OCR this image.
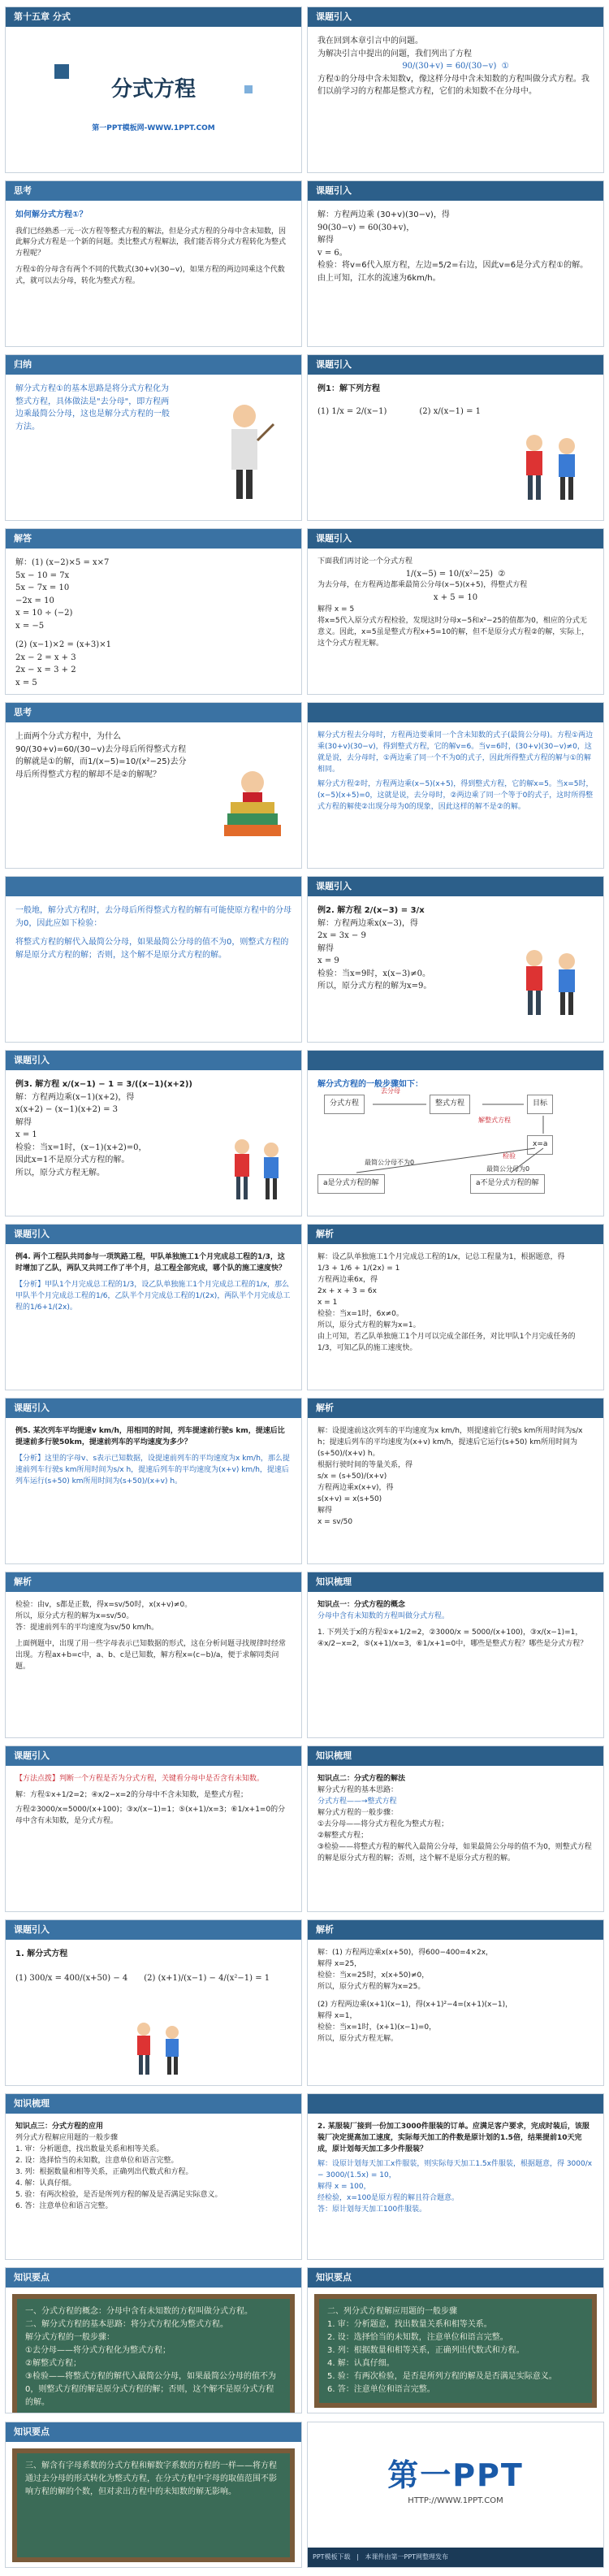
第十五章 分式
分式方程
第一PPT模板网-WWW.1PPT.COM
课题引入
我在回到本章引言中的问题。
为解决引言中提出的问题，我们列出了方程
90/(30+v) = 60/(30−v)  ①
方程①的分母中含未知数v，像这样分母中含未知数的方程叫做分式方程。我们以前学习的方程都是整式方程，它们的未知数不在分母中。
思考
如何解分式方程①？
我们已经熟悉一元一次方程等整式方程的解法，但是分式方程的分母中含未知数，因此解分式方程是一个新的问题。类比整式方程解法，我们能否将分式方程转化为整式方程呢？
方程①的分母含有两个不同的代数式(30+v)(30−v)，如果方程的两边同乘这个代数式，就可以去分母，转化为整式方程。
课题引入
解：方程两边乘 (30+v)(30−v)，得
90(30−v) = 60(30+v)，
解得
v = 6。
检验：将v=6代入原方程，左边=5/2=右边，因此v=6是分式方程①的解。
由上可知，江水的流速为6km/h。
归纳
解分式方程①的基本思路是将分式方程化为整式方程，具体做法是"去分母"，即方程两边乘最简公分母，这也是解分式方程的一般方法。
课题引入
例1：解下列方程
(1) 1/x = 2/(x−1)	(2) x/(x−1) = 1
解答
解：(1) (x−2)×5 = x×7
5x − 10 = 7x
5x − 7x = 10
−2x = 10
x = 10 ÷ (−2)
x = −5
(2) (x−1)×2 = (x+3)×1
2x − 2 = x + 3
2x − x = 3 + 2
x = 5
课题引入
下面我们再讨论一个分式方程
1/(x−5) = 10/(x²−25)  ②
为去分母，在方程两边都乘最简公分母(x−5)(x+5)，得整式方程
x + 5 = 10
解得 x = 5
将x=5代入原分式方程检验，发现这时分母x−5和x²−25的值都为0，相应的分式无意义。因此，x=5虽是整式方程x+5=10的解，但不是原分式方程②的解，实际上，这个分式方程无解。
思考
上面两个分式方程中，为什么90/(30+v)=60/(30−v)去分母后所得整式方程的解就是①的解，而1/(x−5)=10/(x²−25)去分母后所得整式方程的解却不是②的解呢？
解分式方程去分母时，方程两边要乘同一个含未知数的式子(最简公分母)。方程①两边乘(30+v)(30−v)，得到整式方程，它的解v=6。当v=6时，(30+v)(30−v)≠0，这就是说，去分母时，①两边乘了同一个不为0的式子，因此所得整式方程的解与①的解相同。
解分式方程②时，方程两边乘(x−5)(x+5)，得到整式方程，它的解x=5。当x=5时，(x−5)(x+5)=0，这就是说，去分母时，②两边乘了同一个等于0的式子，这时所得整式方程的解使②出现分母为0的现象，因此这样的解不是②的解。
一般地，解分式方程时，去分母后所得整式方程的解有可能使原方程中的分母为0，因此应如下检验：
将整式方程的解代入最简公分母，如果最简公分母的值不为0，则整式方程的解是原分式方程的解；否则，这个解不是原分式方程的解。
课题引入
例2. 解方程 2/(x−3) = 3/x
解：方程两边乘x(x−3)，得
2x = 3x − 9
解得
x = 9
检验：当x=9时，x(x−3)≠0。
所以，原分式方程的解为x=9。
课题引入
例3. 解方程 x/(x−1) − 1 = 3/((x−1)(x+2))
解：方程两边乘(x−1)(x+2)，得
x(x+2) − (x−1)(x+2) = 3
解得
x = 1
检验：当x=1时，(x−1)(x+2)=0，
因此x=1不是原分式方程的解。
所以，原分式方程无解。
解分式方程的一般步骤如下：
分式方程	整式方程	目标
x=a
a是分式方程的解	a不是分式方程的解
去分母
解整式方程
检验
最简公分母不为0
最简公分母为0
课题引入
例4. 两个工程队共同参与一项筑路工程，甲队单独施工1个月完成总工程的1/3，这时增加了乙队，两队又共同工作了半个月，总工程全部完成，哪个队的施工速度快？
【分析】甲队1个月完成总工程的1/3，设乙队单独施工1个月完成总工程的1/x，那么甲队半个月完成总工程的1/6，乙队半个月完成总工程的1/(2x)，两队半个月完成总工程的1/6+1/(2x)。
解析
解：设乙队单独施工1个月完成总工程的1/x，记总工程量为1，根据题意，得
1/3 + 1/6 + 1/(2x) = 1
方程两边乘6x，得
2x + x + 3 = 6x
x = 1
检验：当x=1时，6x≠0。
所以，原分式方程的解为x=1。
由上可知，若乙队单独施工1个月可以完成全部任务，对比甲队1个月完成任务的1/3，可知乙队的施工速度快。
课题引入
例5. 某次列车平均提速v km/h，用相同的时间，列车提速前行驶s km，提速后比提速前多行驶50km，提速前列车的平均速度为多少？
【分析】这里的字母v、s表示已知数据，设提速前列车的平均速度为x km/h，那么提速前列车行驶s km所用时间为s/x h，提速后列车的平均速度为(x+v) km/h，提速后列车运行(s+50) km所用时间为(s+50)/(x+v) h。
解析
解：设提速前这次列车的平均速度为x km/h，则提速前它行驶s km所用时间为s/x h；提速后列车的平均速度为(x+v) km/h，提速后它运行(s+50) km所用时间为(s+50)/(x+v) h。
根据行驶时间的等量关系，得
s/x = (s+50)/(x+v)
方程两边乘x(x+v)，得
s(x+v) = x(s+50)
解得
x = sv/50
解析
检验：由v，s都是正数，得x=sv/50时，x(x+v)≠0。
所以，原分式方程的解为x=sv/50。
答：提速前列车的平均速度为sv/50 km/h。
上面例题中，出现了用一些字母表示已知数据的形式，这在分析问题寻找规律时经常出现。方程ax+b=c中，a、b、c是已知数，解方程x=(c−b)/a，便于求解同类问题。
知识梳理
知识点一：分式方程的概念
分母中含有未知数的方程叫做分式方程。
1. 下列关于x的方程①x+1/2=2，②3000/x = 5000/(x+100)，③x/(x−1)=1，④x/2−x=2，⑤(x+1)/x=3，⑥1/x+1=0中，哪些是整式方程？哪些是分式方程？
课题引入
【方法点拨】判断一个方程是否为分式方程，关键看分母中是否含有未知数。
解：方程①x+1/2=2；④x/2−x=2的分母中不含未知数，是整式方程；
方程②3000/x=5000/(x+100)；③x/(x−1)=1；⑤(x+1)/x=3；⑥1/x+1=0的分母中含有未知数，是分式方程。
知识梳理
知识点二：分式方程的解法
解分式方程的基本思路：
分式方程——→整式方程
解分式方程的一般步骤：
①去分母——将分式方程化为整式方程；
②解整式方程；
③检验——将整式方程的解代入最简公分母，如果最简公分母的值不为0，则整式方程的解是原分式方程的解；否则，这个解不是原分式方程的解。
课题引入
1. 解分式方程
(1) 300/x = 400/(x+50) − 4 (2) (x+1)/(x−1) − 4/(x²−1) = 1
解析
解：(1) 方程两边乘x(x+50)，得600−400=4×2x，
解得 x=25，
检验：当x=25时，x(x+50)≠0，
所以，原分式方程的解为x=25。
(2) 方程两边乘(x+1)(x−1)，得(x+1)²−4=(x+1)(x−1)，
解得 x=1，
检验：当x=1时，(x+1)(x−1)=0，
所以，原分式方程无解。
知识梳理
知识点三：分式方程的应用
列分式方程解应用题的一般步骤
1. 审：分析题意，找出数量关系和相等关系。
2. 设：选择恰当的未知数，注意单位和语言完整。
3. 列：根据数量和相等关系，正确列出代数式和方程。
4. 解：认真仔细。
5. 验：有两次检验，是否是所列方程的解及是否满足实际意义。
6. 答：注意单位和语言完整。
2. 某服装厂接到一份加工3000件服装的订单。应满足客户要求，完成时装后，该服装厂决定提高加工速度，实际每天加工的件数是原计划的1.5倍，结果提前10天完成，原计划每天加工多少件服装？
解：设原计划每天加工x件服装，则实际每天加工1.5x件服装，根据题意，得 3000/x − 3000/(1.5x) = 10，
解得 x = 100，
经检验，x=100是原方程的解且符合题意。
答：原计划每天加工100件服装。
知识要点
一、分式方程的概念：分母中含有未知数的方程叫做分式方程。
二、解分式方程的基本思路：将分式方程化为整式方程。
解分式方程的一般步骤：
①去分母——将分式方程化为整式方程；
②解整式方程；
③检验——将整式方程的解代入最简公分母，如果最简公分母的值不为0，则整式方程的解是原分式方程的解；否则，这个解不是原分式方程的解。
知识要点
二、列分式方程解应用题的一般步骤
1. 审：分析题意，找出数量关系和相等关系。
2. 设：选择恰当的未知数，注意单位和语言完整。
3. 列：根据数量和相等关系，正确列出代数式和方程。
4. 解：认真仔细。
5. 验：有两次检验，是否是所列方程的解及是否满足实际意义。
6. 答：注意单位和语言完整。
知识要点
三、解含有字母系数的分式方程和解数字系数的方程的一样——将方程通过去分母的形式转化为整式方程，在分式方程中字母的取值范围不影响方程的解的个数，但对求出方程中的未知数的解无影响。	第一PPT
HTTP://WWW.1PPT.COM
PPT模板下载   |   本课件由第一PPT网整理发布
